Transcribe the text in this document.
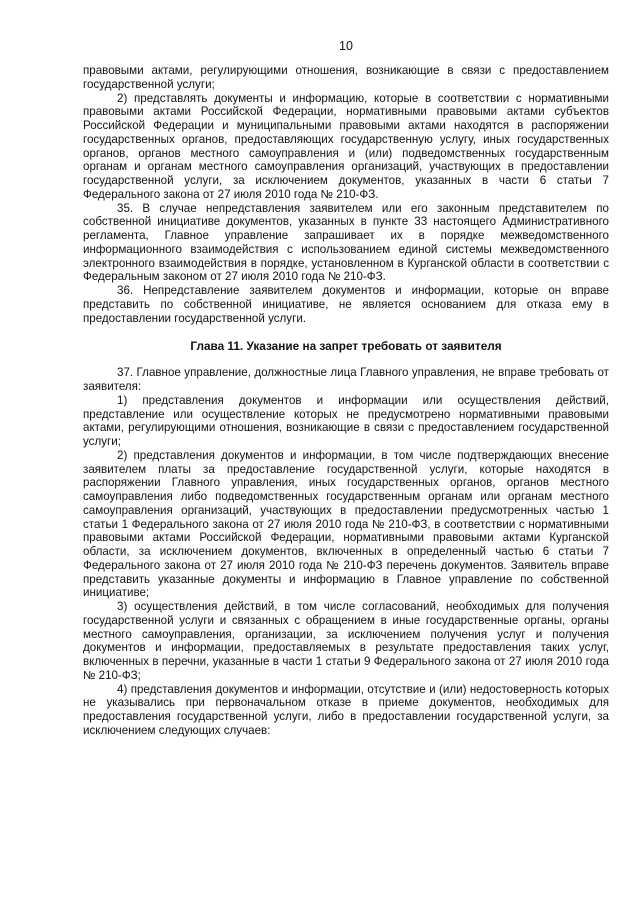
10

правовыми актами, регулирующими отношения, возникающие в связи с предоставлением государственной услуги;

2) представлять документы и информацию, которые в соответствии с нормативными правовыми актами Российской Федерации, нормативными правовыми актами субъектов Российской Федерации и муниципальными правовыми актами находятся в распоряжении государственных органов, предоставляющих государственную услугу, иных государственных органов, органов местного самоуправления и (или) подведомственных государственным органам и органам местного самоуправления организаций, участвующих в предоставлении государственной услуги, за исключением документов, указанных в части 6 статьи 7 Федерального закона от 27 июля 2010 года № 210-ФЗ.

35. В случае непредставления заявителем или его законным представителем по собственной инициативе документов, указанных в пункте 33 настоящего Административного регламента, Главное управление запрашивает их в порядке межведомственного информационного взаимодействия с использованием единой системы межведомственного электронного взаимодействия в порядке, установленном в Курганской области в соответствии с Федеральным законом от 27 июля 2010 года № 210-ФЗ.

36. Непредставление заявителем документов и информации, которые он вправе представить по собственной инициативе, не является основанием для отказа ему в предоставлении государственной услуги.

Глава 11. Указание на запрет требовать от заявителя

37. Главное управление, должностные лица Главного управления, не вправе требовать от заявителя:

1) представления документов и информации или осуществления действий, представление или осуществление которых не предусмотрено нормативными правовыми актами, регулирующими отношения, возникающие в связи с предоставлением государственной услуги;

2) представления документов и информации, в том числе подтверждающих внесение заявителем платы за предоставление государственной услуги, которые находятся в распоряжении Главного управления, иных государственных органов, органов местного самоуправления либо подведомственных государственным органам или органам местного самоуправления организаций, участвующих в предоставлении предусмотренных частью 1 статьи 1 Федерального закона от 27 июля 2010 года № 210-ФЗ, в соответствии с нормативными правовыми актами Российской Федерации, нормативными правовыми актами Курганской области, за исключением документов, включенных в определенный частью 6 статьи 7 Федерального закона от 27 июля 2010 года № 210-ФЗ перечень документов. Заявитель вправе представить указанные документы и информацию в Главное управление по собственной инициативе;

3) осуществления действий, в том числе согласований, необходимых для получения государственной услуги и связанных с обращением в иные государственные органы, органы местного самоуправления, организации, за исключением получения услуг и получения документов и информации, предоставляемых в результате предоставления таких услуг, включенных в перечни, указанные в части 1 статьи 9 Федерального закона от 27 июля 2010 года № 210-ФЗ;

4) представления документов и информации, отсутствие и (или) недостоверность которых не указывались при первоначальном отказе в приеме документов, необходимых для предоставления государственной услуги, либо в предоставлении государственной услуги, за исключением следующих случаев:
